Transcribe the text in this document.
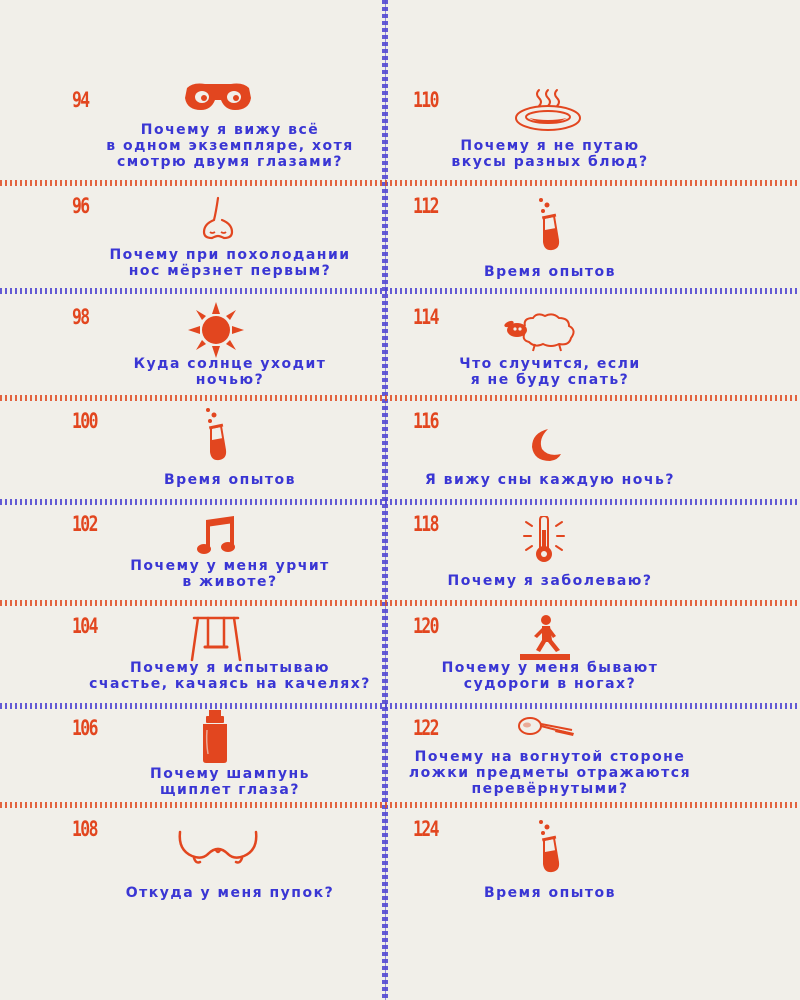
94
Почему я вижу всё
в одном экземпляре, хотя
смотрю двумя глазами?
96
Почему при похолодании
нос мёрзнет первым?
98
Куда солнце уходит
ночью?
100
Время опытов
102
Почему у меня урчит
в животе?
104
Почему я испытываю
счастье, качаясь на качелях?
106
Почему шампунь
щиплет глаза?
108
Откуда у меня пупок?
110
Почему я не путаю
вкусы разных блюд?
112
Время опытов
114
Что случится, если
я не буду спать?
116
Я вижу сны каждую ночь?
118
Почему я заболеваю?
120
Почему у меня бывают
судороги в ногах?
122
Почему на вогнутой стороне
ложки предметы отражаются
перевёрнутыми?
124
Время опытов
